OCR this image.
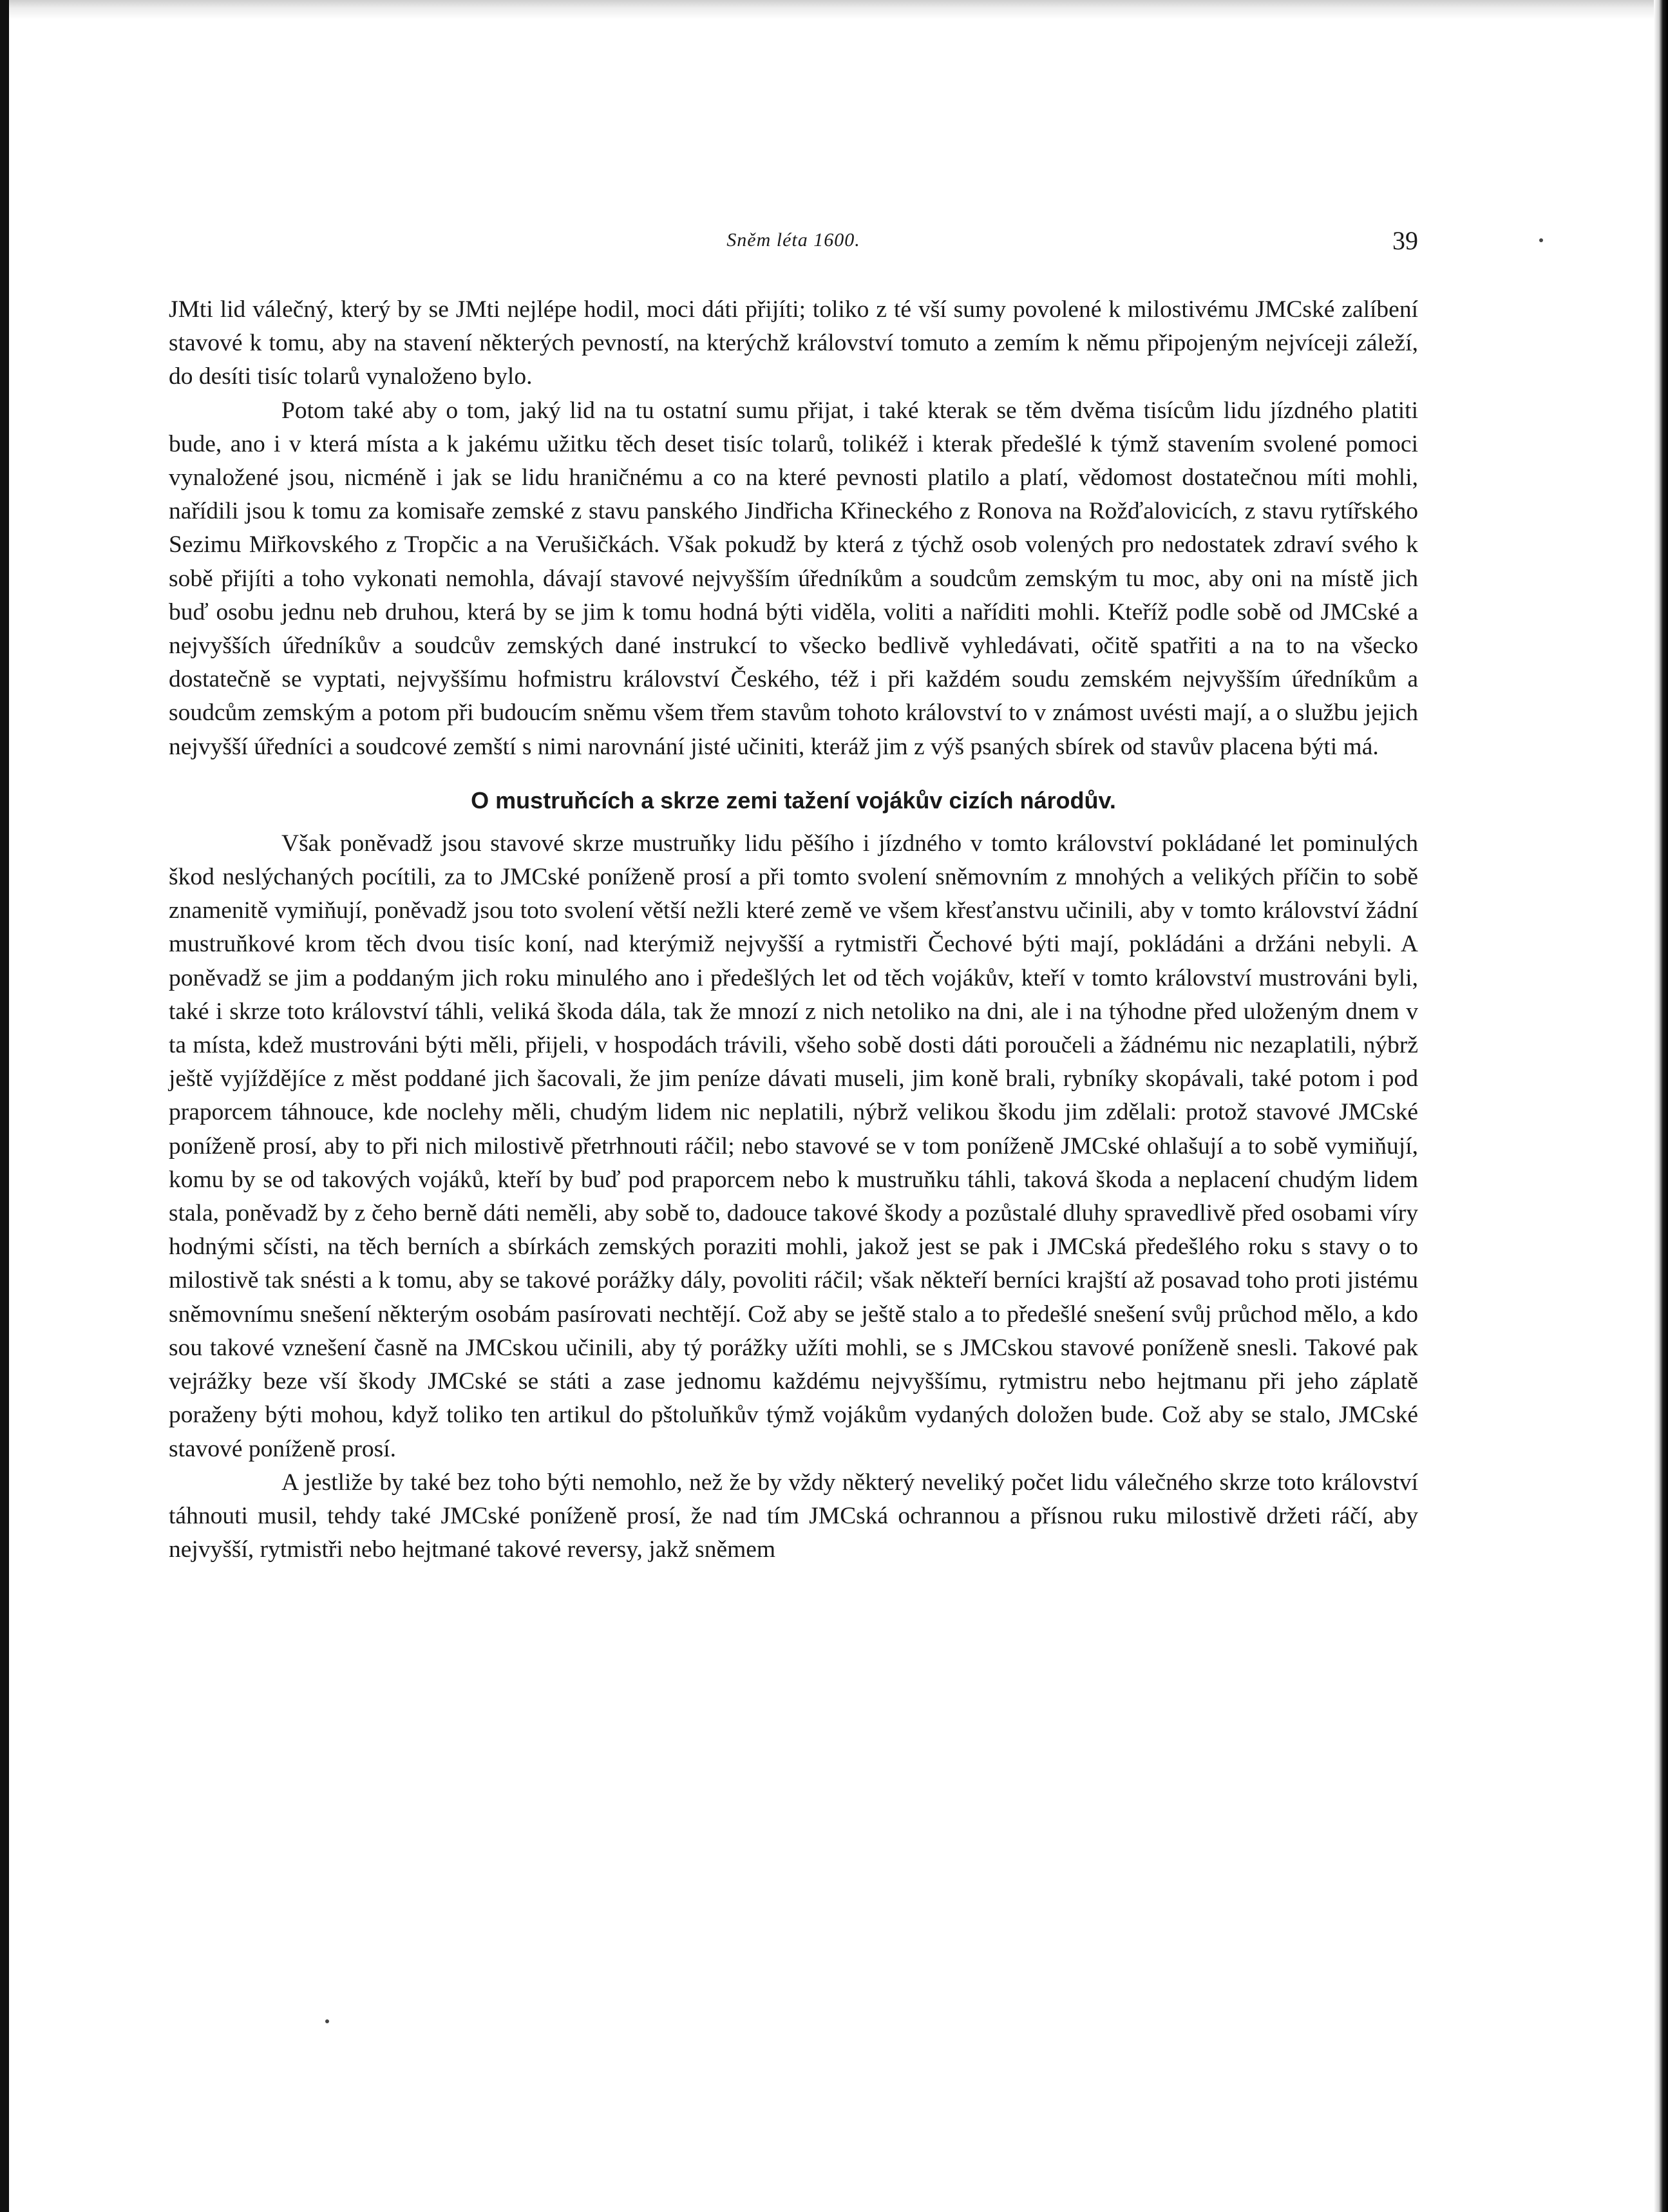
Sněm léta 1600.	39

JMti lid válečný, který by se JMti nejlépe hodil, moci dáti přijíti; toliko z té vší sumy povolené k milostivému JMCské zalíbení stavové k tomu, aby na stavení některých pevností, na kterýchž království tomuto a zemím k němu připojeným nejvíceji záleží, do desíti tisíc tolarů vynaloženo bylo.

Potom také aby o tom, jaký lid na tu ostatní sumu přijat, i také kterak se těm dvěma tisícům lidu jízdného platiti bude, ano i v která místa a k jakému užitku těch deset tisíc tolarů, tolikéž i kterak předešlé k týmž stavením svolené pomoci vynaložené jsou, nicméně i jak se lidu hraničnému a co na které pevnosti platilo a platí, vědomost dostatečnou míti mohli, nařídili jsou k tomu za komisaře zemské z stavu panského Jindřicha Křineckého z Ronova na Rožďalovicích, z stavu rytířského Sezimu Miřkovského z Tropčic a na Verušičkách. Však pokudž by která z týchž osob volených pro nedostatek zdraví svého k sobě přijíti a toho vykonati nemohla, dávají stavové nejvyšším úředníkům a soudcům zemským tu moc, aby oni na místě jich buď osobu jednu neb druhou, která by se jim k tomu hodná býti viděla, voliti a naříditi mohli. Kteříž podle sobě od JMCské a nejvyšších úředníkův a soudcův zemských dané instrukcí to všecko bedlivě vyhledávati, očitě spatřiti a na to na všecko dostatečně se vyptati, nejvyššímu hofmistru království Českého, též i při každém soudu zemském nejvyšším úředníkům a soudcům zemským a potom při budoucím sněmu všem třem stavům tohoto království to v známost uvésti mají, a o službu jejich nejvyšší úředníci a soudcové zemští s nimi narovnání jisté učiniti, kteráž jim z výš psaných sbírek od stavův placena býti má.

O mustruňcích a skrze zemi tažení vojákův cizích národův.

Však poněvadž jsou stavové skrze mustruňky lidu pěšího i jízdného v tomto království pokládané let pominulých škod neslýchaných pocítili, za to JMCské poníženě prosí a při tomto svolení sněmovním z mnohých a velikých příčin to sobě znamenitě vymiňují, poněvadž jsou toto svolení větší nežli které země ve všem křesťanstvu učinili, aby v tomto království žádní mustruňkové krom těch dvou tisíc koní, nad kterýmiž nejvyšší a rytmistři Čechové býti mají, pokládáni a držáni nebyli. A poněvadž se jim a poddaným jich roku minulého ano i předešlých let od těch vojákův, kteří v tomto království mustrováni byli, také i skrze toto království táhli, veliká škoda dála, tak že mnozí z nich netoliko na dni, ale i na týhodne před uloženým dnem v ta místa, kdež mustrováni býti měli, přijeli, v hospodách trávili, všeho sobě dosti dáti poroučeli a žádnému nic nezaplatili, nýbrž ještě vyjíždějíce z měst poddané jich šacovali, že jim peníze dávati museli, jim koně brali, rybníky skopávali, také potom i pod praporcem táhnouce, kde noclehy měli, chudým lidem nic neplatili, nýbrž velikou škodu jim zdělali: protož stavové JMCské poníženě prosí, aby to při nich milostivě přetrhnouti ráčil; nebo stavové se v tom poníženě JMCské ohlašují a to sobě vymiňují, komu by se od takových vojáků, kteří by buď pod praporcem nebo k mustruňku táhli, taková škoda a neplacení chudým lidem stala, poněvadž by z čeho berně dáti neměli, aby sobě to, dadouce takové škody a pozůstalé dluhy spravedlivě před osobami víry hodnými sčísti, na těch berních a sbírkách zemských poraziti mohli, jakož jest se pak i JMCská předešlého roku s stavy o to milostivě tak snésti a k tomu, aby se takové porážky dály, povoliti ráčil; však někteří berníci krajští až posavad toho proti jistému sněmovnímu snešení některým osobám pasírovati nechtějí. Což aby se ještě stalo a to předešlé snešení svůj průchod mělo, a kdo sou takové vznešení časně na JMCskou učinili, aby tý porážky užíti mohli, se s JMCskou stavové poníženě snesli. Takové pak vejrážky beze vší škody JMCské se státi a zase jednomu každému nejvyššímu, rytmistru nebo hejtmanu při jeho záplatě poraženy býti mohou, když toliko ten artikul do pštoluňkův týmž vojákům vydaných doložen bude. Což aby se stalo, JMCské stavové poníženě prosí.

A jestliže by také bez toho býti nemohlo, než že by vždy některý neveliký počet lidu válečného skrze toto království táhnouti musil, tehdy také JMCské poníženě prosí, že nad tím JMCská ochrannou a přísnou ruku milostivě držeti ráčí, aby nejvyšší, rytmistři nebo hejtmané takové reversy, jakž sněmem
